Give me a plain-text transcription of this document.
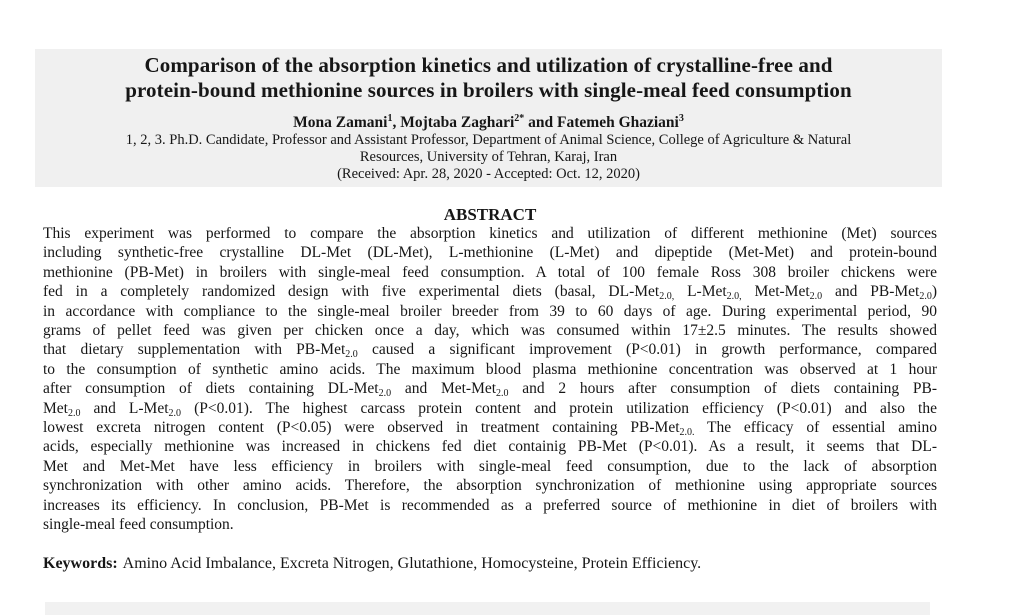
Comparison of the absorption kinetics and utilization of crystalline-free and
protein-bound methionine sources in broilers with single-meal feed consumption
Mona Zamani$^1$, Mojtaba Zaghari$^{2*}$ and Fatemeh Ghaziani$^3$
1, 2, 3. Ph.D. Candidate, Professor and Assistant Professor, Department of Animal Science, College of Agriculture & Natural
Resources, University of Tehran, Karaj, Iran
(Received: Apr. 28, 2020 - Accepted: Oct. 12, 2020)
ABSTRACT
This experiment was performed to compare the absorption kinetics and utilization of different methionine (Met) sources
including synthetic-free crystalline DL-Met (DL-Met), L-methionine (L-Met) and dipeptide (Met-Met) and protein-bound
methionine (PB-Met) in broilers with single-meal feed consumption. A total of 100 female Ross 308 broiler chickens were
fed in a completely randomized design with five experimental diets (basal, DL-Met$_{2.0,}$ L-Met$_{2.0,}$ Met-Met$_{2.0}$ and PB-Met$_{2.0}$)
in accordance with compliance to the single-meal broiler breeder from 39 to 60 days of age. During experimental period, 90
grams of pellet feed was given per chicken once a day, which was consumed within 17±2.5 minutes. The results showed
that dietary supplementation with PB-Met$_{2.0}$ caused a significant improvement (P<0.01) in growth performance, compared
to the consumption of synthetic amino acids. The maximum blood plasma methionine concentration was observed at 1 hour
after consumption of diets containing DL-Met$_{2.0}$ and Met-Met$_{2.0}$ and 2 hours after consumption of diets containing PB-
Met$_{2.0}$ and L-Met$_{2.0}$ (P<0.01). The highest carcass protein content and protein utilization efficiency (P<0.01) and also the
lowest excreta nitrogen content (P<0.05) were observed in treatment containing PB-Met$_{2.0.}$ The efficacy of essential amino
acids, especially methionine was increased in chickens fed diet containig PB-Met (P<0.01). As a result, it seems that DL-
Met and Met-Met have less efficiency in broilers with single-meal feed consumption, due to the lack of absorption
synchronization with other amino acids. Therefore, the absorption synchronization of methionine using appropriate sources
increases its efficiency. In conclusion, PB-Met is recommended as a preferred source of methionine in diet of broilers with
single-meal feed consumption.
Keywords: Amino Acid Imbalance, Excreta Nitrogen, Glutathione, Homocysteine, Protein Efficiency.
